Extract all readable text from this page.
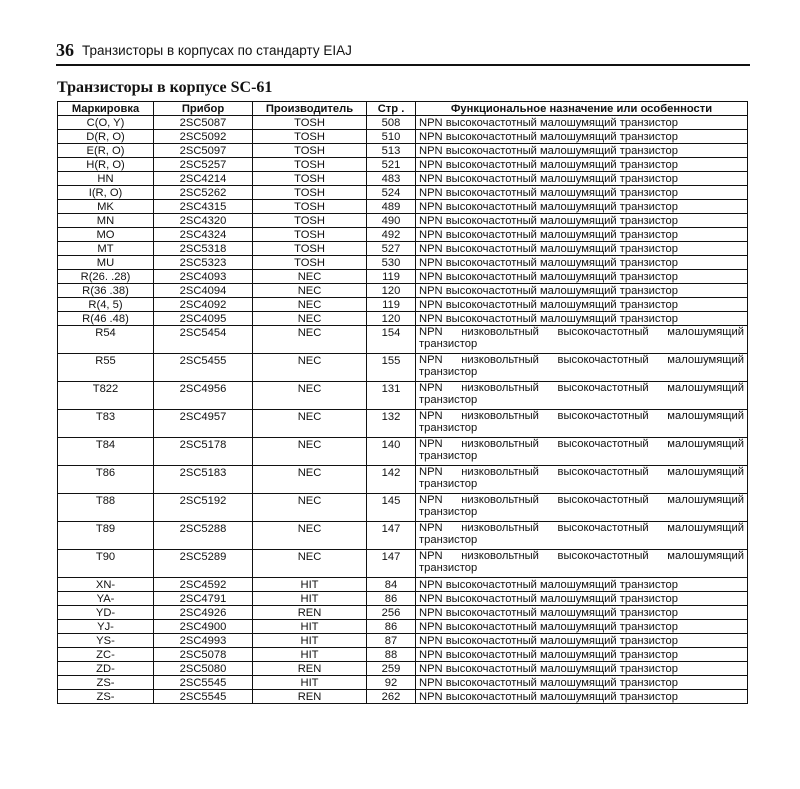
36 Транзисторы в корпусах по стандарту EIAJ
Транзисторы в корпусе SC-61
Маркировка	Прибор	Производитель	Стр .	Функциональное назначение или особенности
C(O, Y)	2SC5087	TOSH	508	NPN высокочастотный малошумящий транзистор
D(R, O)	2SC5092	TOSH	510	NPN высокочастотный малошумящий транзистор
E(R, O)	2SC5097	TOSH	513	NPN высокочастотный малошумящий транзистор
H(R, O)	2SC5257	TOSH	521	NPN высокочастотный малошумящий транзистор
HN	2SC4214	TOSH	483	NPN высокочастотный малошумящий транзистор
I(R, O)	2SC5262	TOSH	524	NPN высокочастотный малошумящий транзистор
MK	2SC4315	TOSH	489	NPN высокочастотный малошумящий транзистор
MN	2SC4320	TOSH	490	NPN высокочастотный малошумящий транзистор
MO	2SC4324	TOSH	492	NPN высокочастотный малошумящий транзистор
MT	2SC5318	TOSH	527	NPN высокочастотный малошумящий транзистор
MU	2SC5323	TOSH	530	NPN высокочастотный малошумящий транзистор
R(26. .28)	2SC4093	NEC	119	NPN высокочастотный малошумящий транзистор
R(36 .38)	2SC4094	NEC	120	NPN высокочастотный малошумящий транзистор
R(4, 5)	2SC4092	NEC	119	NPN высокочастотный малошумящий транзистор
R(46 .48)	2SC4095	NEC	120	NPN высокочастотный малошумящий транзистор
R54	2SC5454	NEC	154	NPN низковольтный высокочастотный малошумящий транзистор
R55	2SC5455	NEC	155	NPN низковольтный высокочастотный малошумящий транзистор
T822	2SC4956	NEC	131	NPN низковольтный высокочастотный малошумящий транзистор
T83	2SC4957	NEC	132	NPN низковольтный высокочастотный малошумящий транзистор
T84	2SC5178	NEC	140	NPN низковольтный высокочастотный малошумящий транзистор
T86	2SC5183	NEC	142	NPN низковольтный высокочастотный малошумящий транзистор
T88	2SC5192	NEC	145	NPN низковольтный высокочастотный малошумящий транзистор
T89	2SC5288	NEC	147	NPN низковольтный высокочастотный малошумящий транзистор
T90	2SC5289	NEC	147	NPN низковольтный высокочастотный малошумящий транзистор
XN-	2SC4592	HIT	84	NPN высокочастотный малошумящий транзистор
YA-	2SC4791	HIT	86	NPN высокочастотный малошумящий транзистор
YD-	2SC4926	REN	256	NPN высокочастотный малошумящий транзистор
YJ-	2SC4900	HIT	86	NPN высокочастотный малошумящий транзистор
YS-	2SC4993	HIT	87	NPN высокочастотный малошумящий транзистор
ZC-	2SC5078	HIT	88	NPN высокочастотный малошумящий транзистор
ZD-	2SC5080	REN	259	NPN высокочастотный малошумящий транзистор
ZS-	2SC5545	HIT	92	NPN высокочастотный малошумящий транзистор
ZS-	2SC5545	REN	262	NPN высокочастотный малошумящий транзистор
